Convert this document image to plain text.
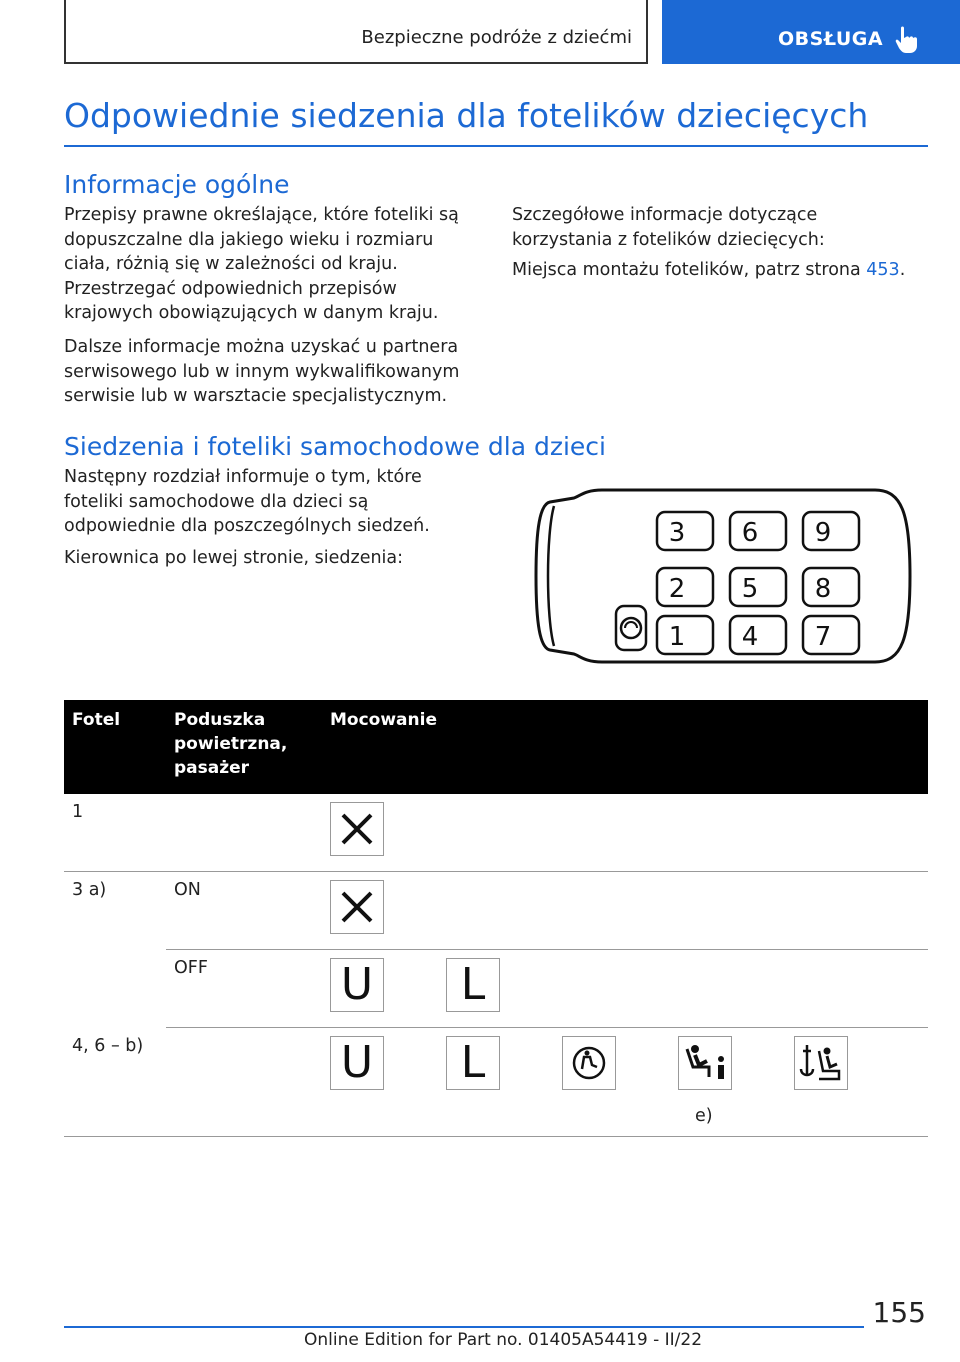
Bezpieczne podróże z dziećmi	OBSŁUGA
Odpowiednie siedzenia dla fotelików dziecięcych
Informacje ogólne

Przepisy prawne określające, które foteliki są dopuszczalne dla jakiego wieku i rozmiaru ciała, różnią się w zależności od kraju. Przestrzegać odpowiednich przepisów krajowych obowiązujących w danym kraju.

Dalsze informacje można uzyskać u partnera serwisowego lub w innym wykwalifikowanym serwisie lub w warsztacie specjalistycznym.

Szczegółowe informacje dotyczące korzystania z fotelików dziecięcych:

Miejsca montażu fotelików, patrz strona 453.

Siedzenia i foteliki samochodowe dla dzieci

Następny rozdział informuje o tym, które foteliki samochodowe dla dzieci są odpowiednie dla poszczególnych siedzeń.

Kierownica po lewej stronie, siedzenia:

3 6 9
2 5 8
1 4 7
Fotel	Poduszka powietrzna, pasażer	Mocowanie
1		

3 a)	ON	

	OFF	U L
4, 6 – b)		U L
e)
155
Online Edition for Part no. 01405A54419 - II/22
